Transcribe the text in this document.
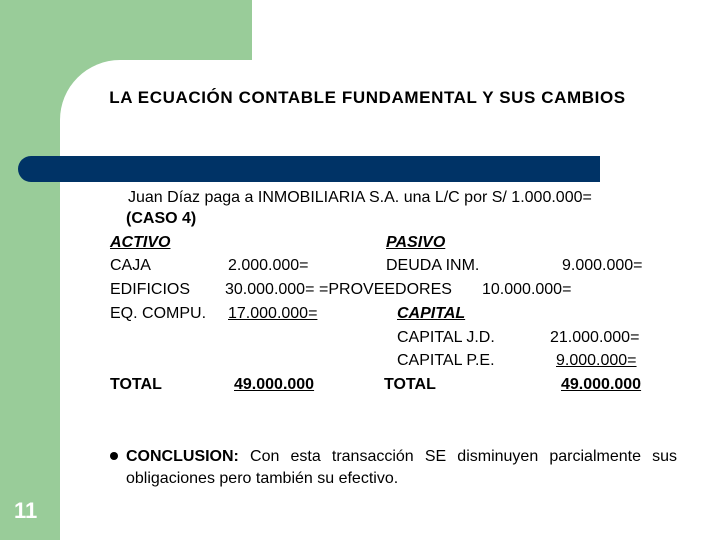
LA ECUACIÓN CONTABLE FUNDAMENTAL Y SUS CAMBIOS
Juan Díaz paga a INMOBILIARIA S.A. una L/C por S/ 1.000.000=
(CASO 4)
ACTIVO	PASIVO
CAJA	2.000.000=	DEUDA INM.	9.000.000=
EDIFICIOS 30.000.000= =PROVEEDORES 10.000.000=
EQ. COMPU. 17.000.000=	CAPITAL
CAPITAL J.D.	21.000.000=
CAPITAL P.E.	9.000.000=
TOTAL	49.000.000	TOTAL	49.000.000
CONCLUSION: Con esta transacción SE disminuyen parcialmente sus obligaciones pero también su efectivo.
11
